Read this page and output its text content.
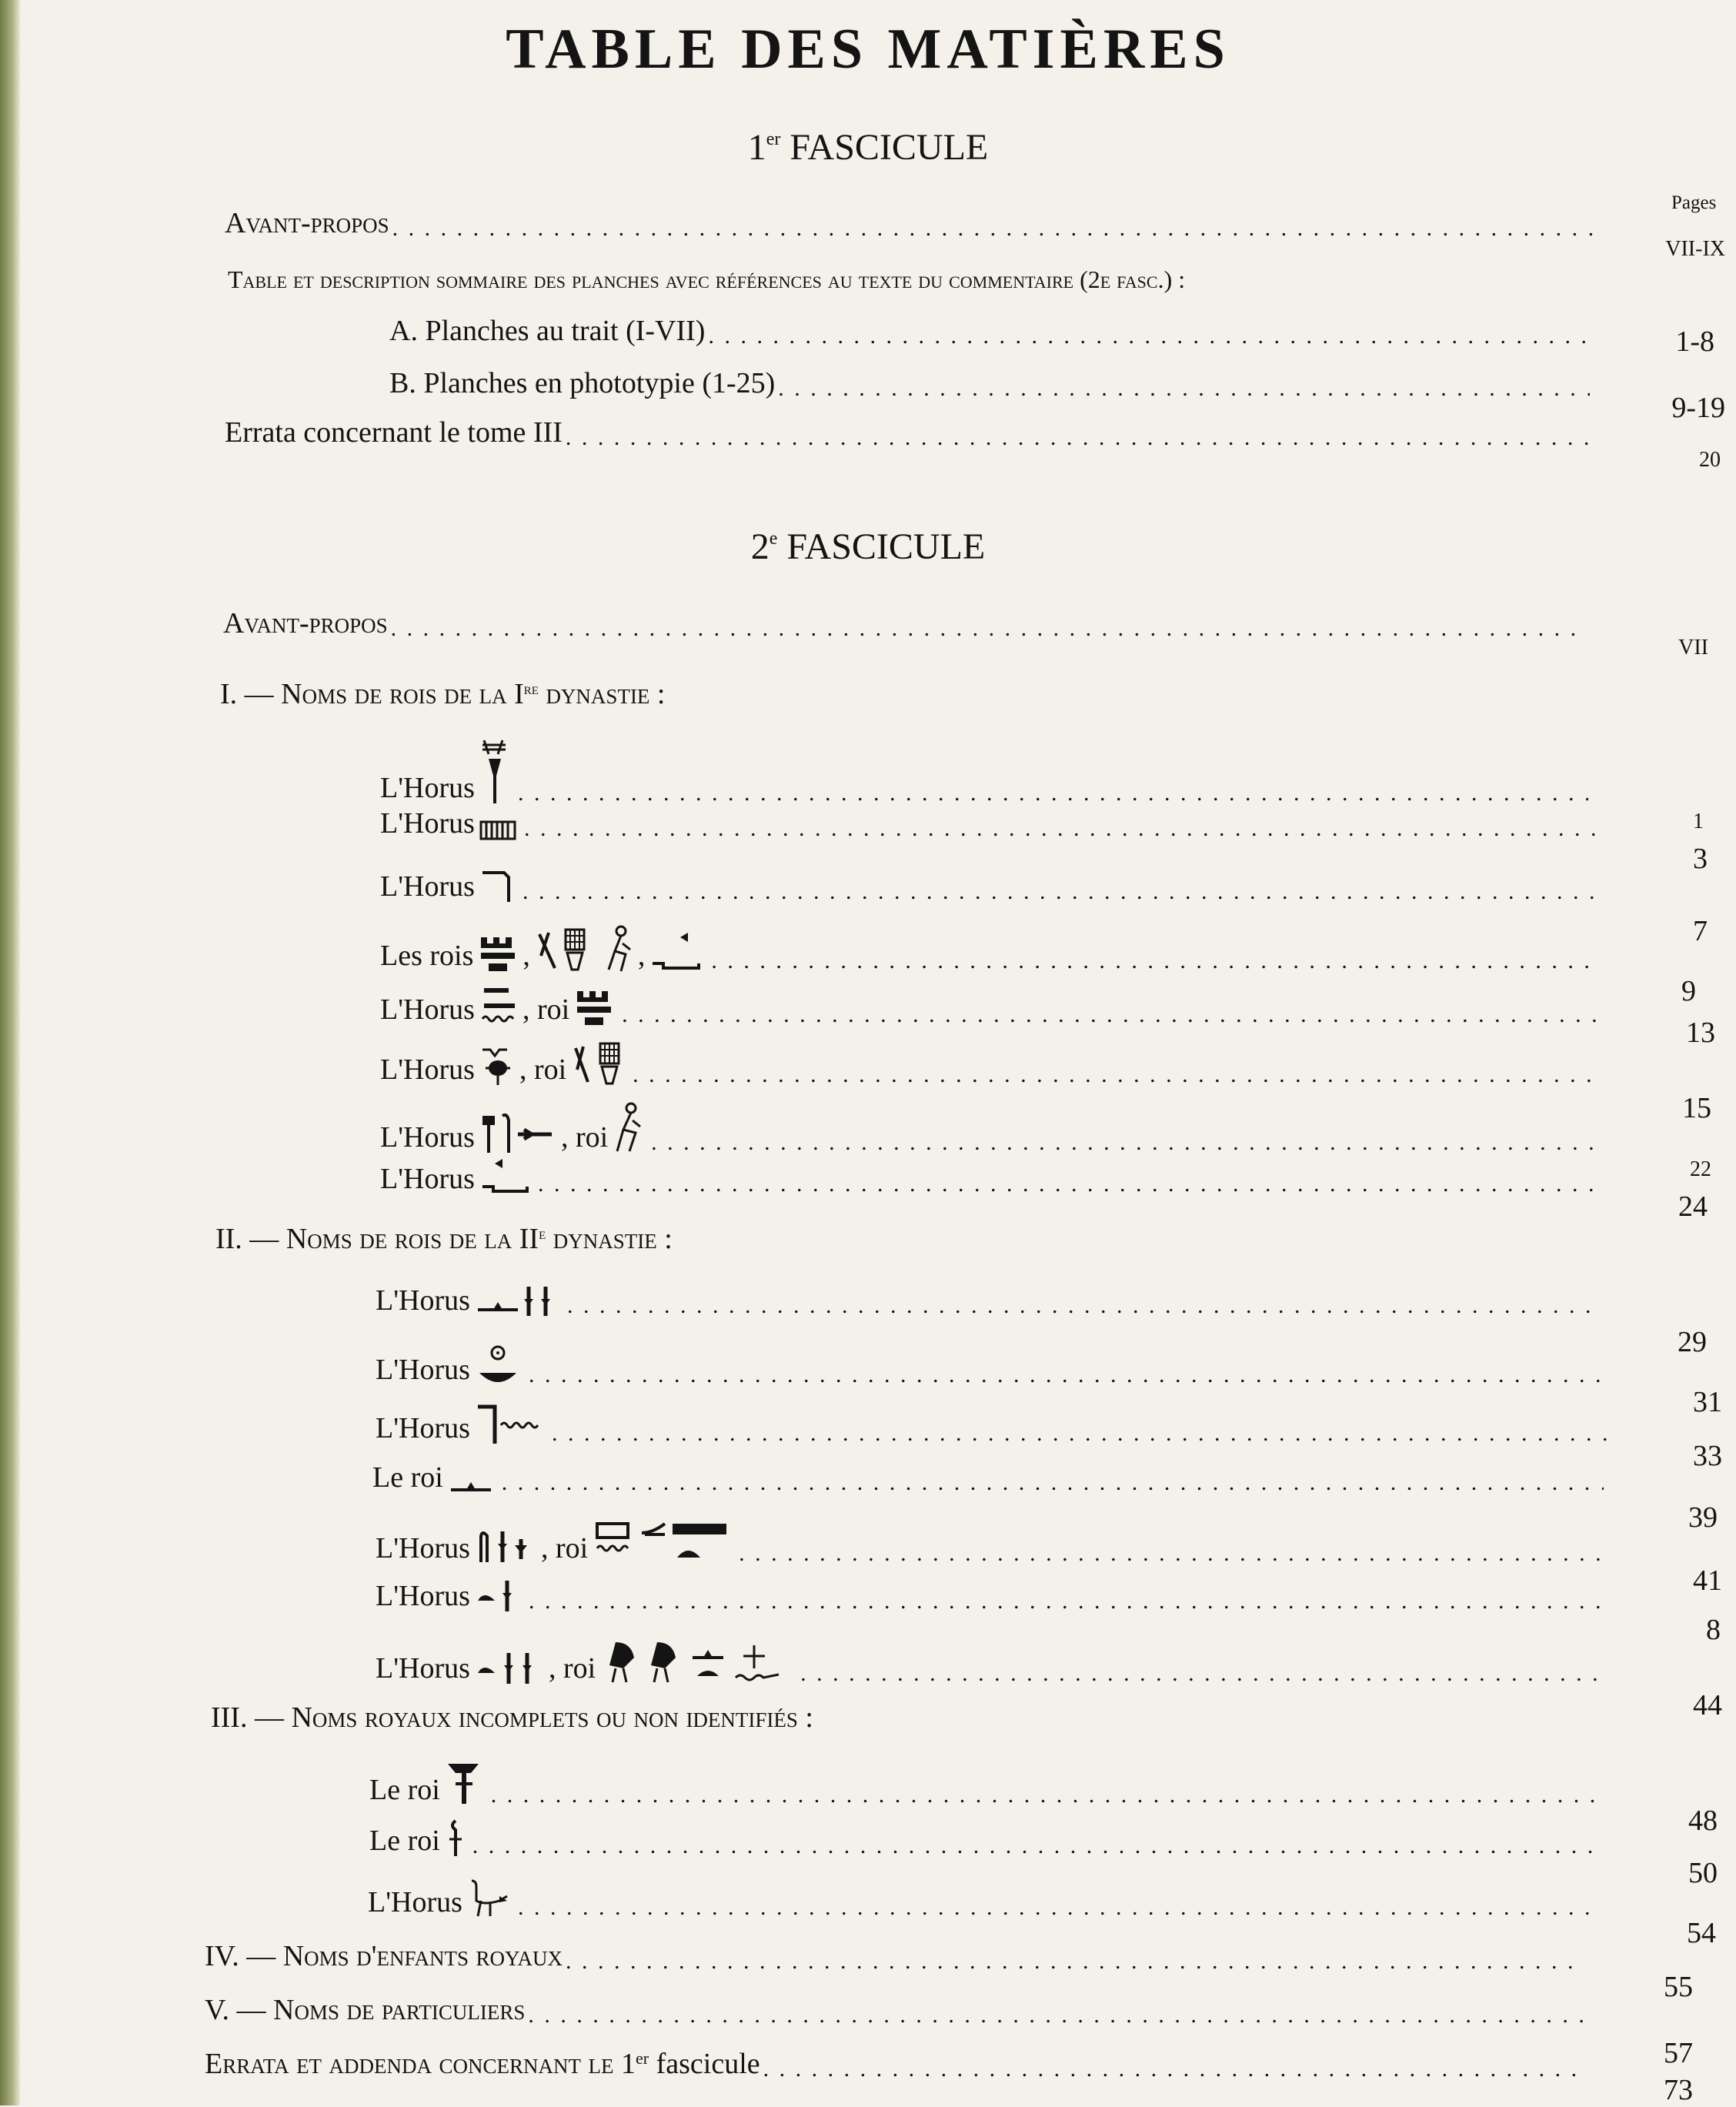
TABLE DES MATIÈRES
1er FASCICULE
Pages
Avant-propos
. . .
VII-IX
Table et description sommaire des planches avec références au texte du commentaire (2e fasc.) :
A. Planches au trait (I-VII)
. . .	1-8
B. Planches en phototypie (1-25)
. . .
9-19
Errata concernant le tome III
. . .
20
2e FASCICULE
Avant-propos
. . .
VII
I. — Noms de rois de la Ire dynastie :
L'Horus
. . .
1
L'Horus
. . .
3
L'Horus
. . .
7
Les rois ,	,
. . .
9
L'Horus , roi
. . .
13
L'Horus , roi
. . .
15
L'Horus	, roi
. . .
22
L'Horus
. . .
24
II. — Noms de rois de la IIe dynastie :
L'Horus
. . .
29
L'Horus
. . .
31
L'Horus
. . .
33
Le roi
. . .
39
L'Horus , roi
. . .
41
L'Horus
. . .
8
L'Horus	, roi
. . .
44
III. — Noms royaux incomplets ou non identifiés :
Le roi
. . .
48
Le roi
. . .
50
L'Horus
. . .
54
IV. — Noms d'enfants royaux
. . .
55
V. — Noms de particuliers
. . .
57
Errata et addenda concernant le 1er fascicule
. . .
73
